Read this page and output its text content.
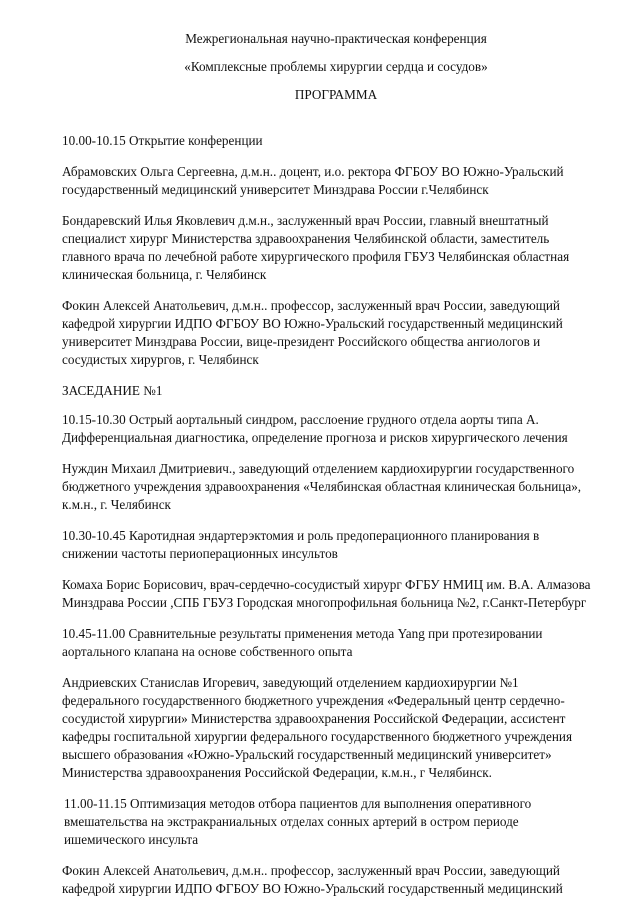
Межрегиональная научно-практическая конференция
«Комплексные проблемы хирургии сердца и сосудов»
ПРОГРАММА

10.00-10.15 Открытие конференции

Абрамовских Ольга Сергеевна, д.м.н.. доцент, и.о. ректора ФГБОУ ВО Южно-Уральский государственный медицинский университет Минздрава России г.Челябинск

Бондаревский Илья Яковлевич д.м.н., заслуженный врач России, главный внештатный специалист хирург Министерства здравоохранения Челябинской области, заместитель главного врача по лечебной работе хирургического профиля ГБУЗ Челябинская областная клиническая больница, г. Челябинск

Фокин Алексей Анатольевич, д.м.н.. профессор, заслуженный врач России, заведующий кафедрой хирургии ИДПО ФГБОУ ВО Южно-Уральский государственный медицинский университет Минздрава России, вице-президент Российского общества ангиологов и сосудистых хирургов, г. Челябинск

ЗАСЕДАНИЕ №1

10.15-10.30 Острый аортальный синдром, расслоение грудного отдела аорты типа А. Дифференциальная диагностика, определение прогноза и рисков хирургического лечения

Нуждин Михаил Дмитриевич., заведующий отделением кардиохирургии государственного бюджетного учреждения здравоохранения «Челябинская областная клиническая больница», к.м.н., г. Челябинск

10.30-10.45 Каротидная эндартерэктомия и роль предоперационного планирования в снижении частоты периоперационных инсультов

Комаха Борис Борисович, врач-сердечно-сосудистый хирург ФГБУ НМИЦ им. В.А. Алмазова Минздрава России ,СПБ ГБУЗ Городская многопрофильная больница №2, г.Санкт-Петербург

10.45-11.00 Сравнительные результаты применения метода Yang при протезировании аортального клапана на основе собственного опыта

Андриевских Станислав Игоревич, заведующий отделением кардиохирургии №1 федерального государственного бюджетного учреждения «Федеральный центр сердечно-сосудистой хирургии» Министерства здравоохранения Российской Федерации, ассистент кафедры госпитальной хирургии федерального государственного бюджетного учреждения высшего образования «Южно-Уральский государственный медицинский университет» Министерства здравоохранения Российской Федерации, к.м.н., г Челябинск.

11.00-11.15 Оптимизация методов отбора пациентов для выполнения оперативного вмешательства на экстракраниальных отделах сонных артерий в остром периоде ишемического инсульта

Фокин Алексей Анатольевич, д.м.н.. профессор, заслуженный врач России, заведующий кафедрой хирургии ИДПО ФГБОУ ВО Южно-Уральский государственный медицинский
